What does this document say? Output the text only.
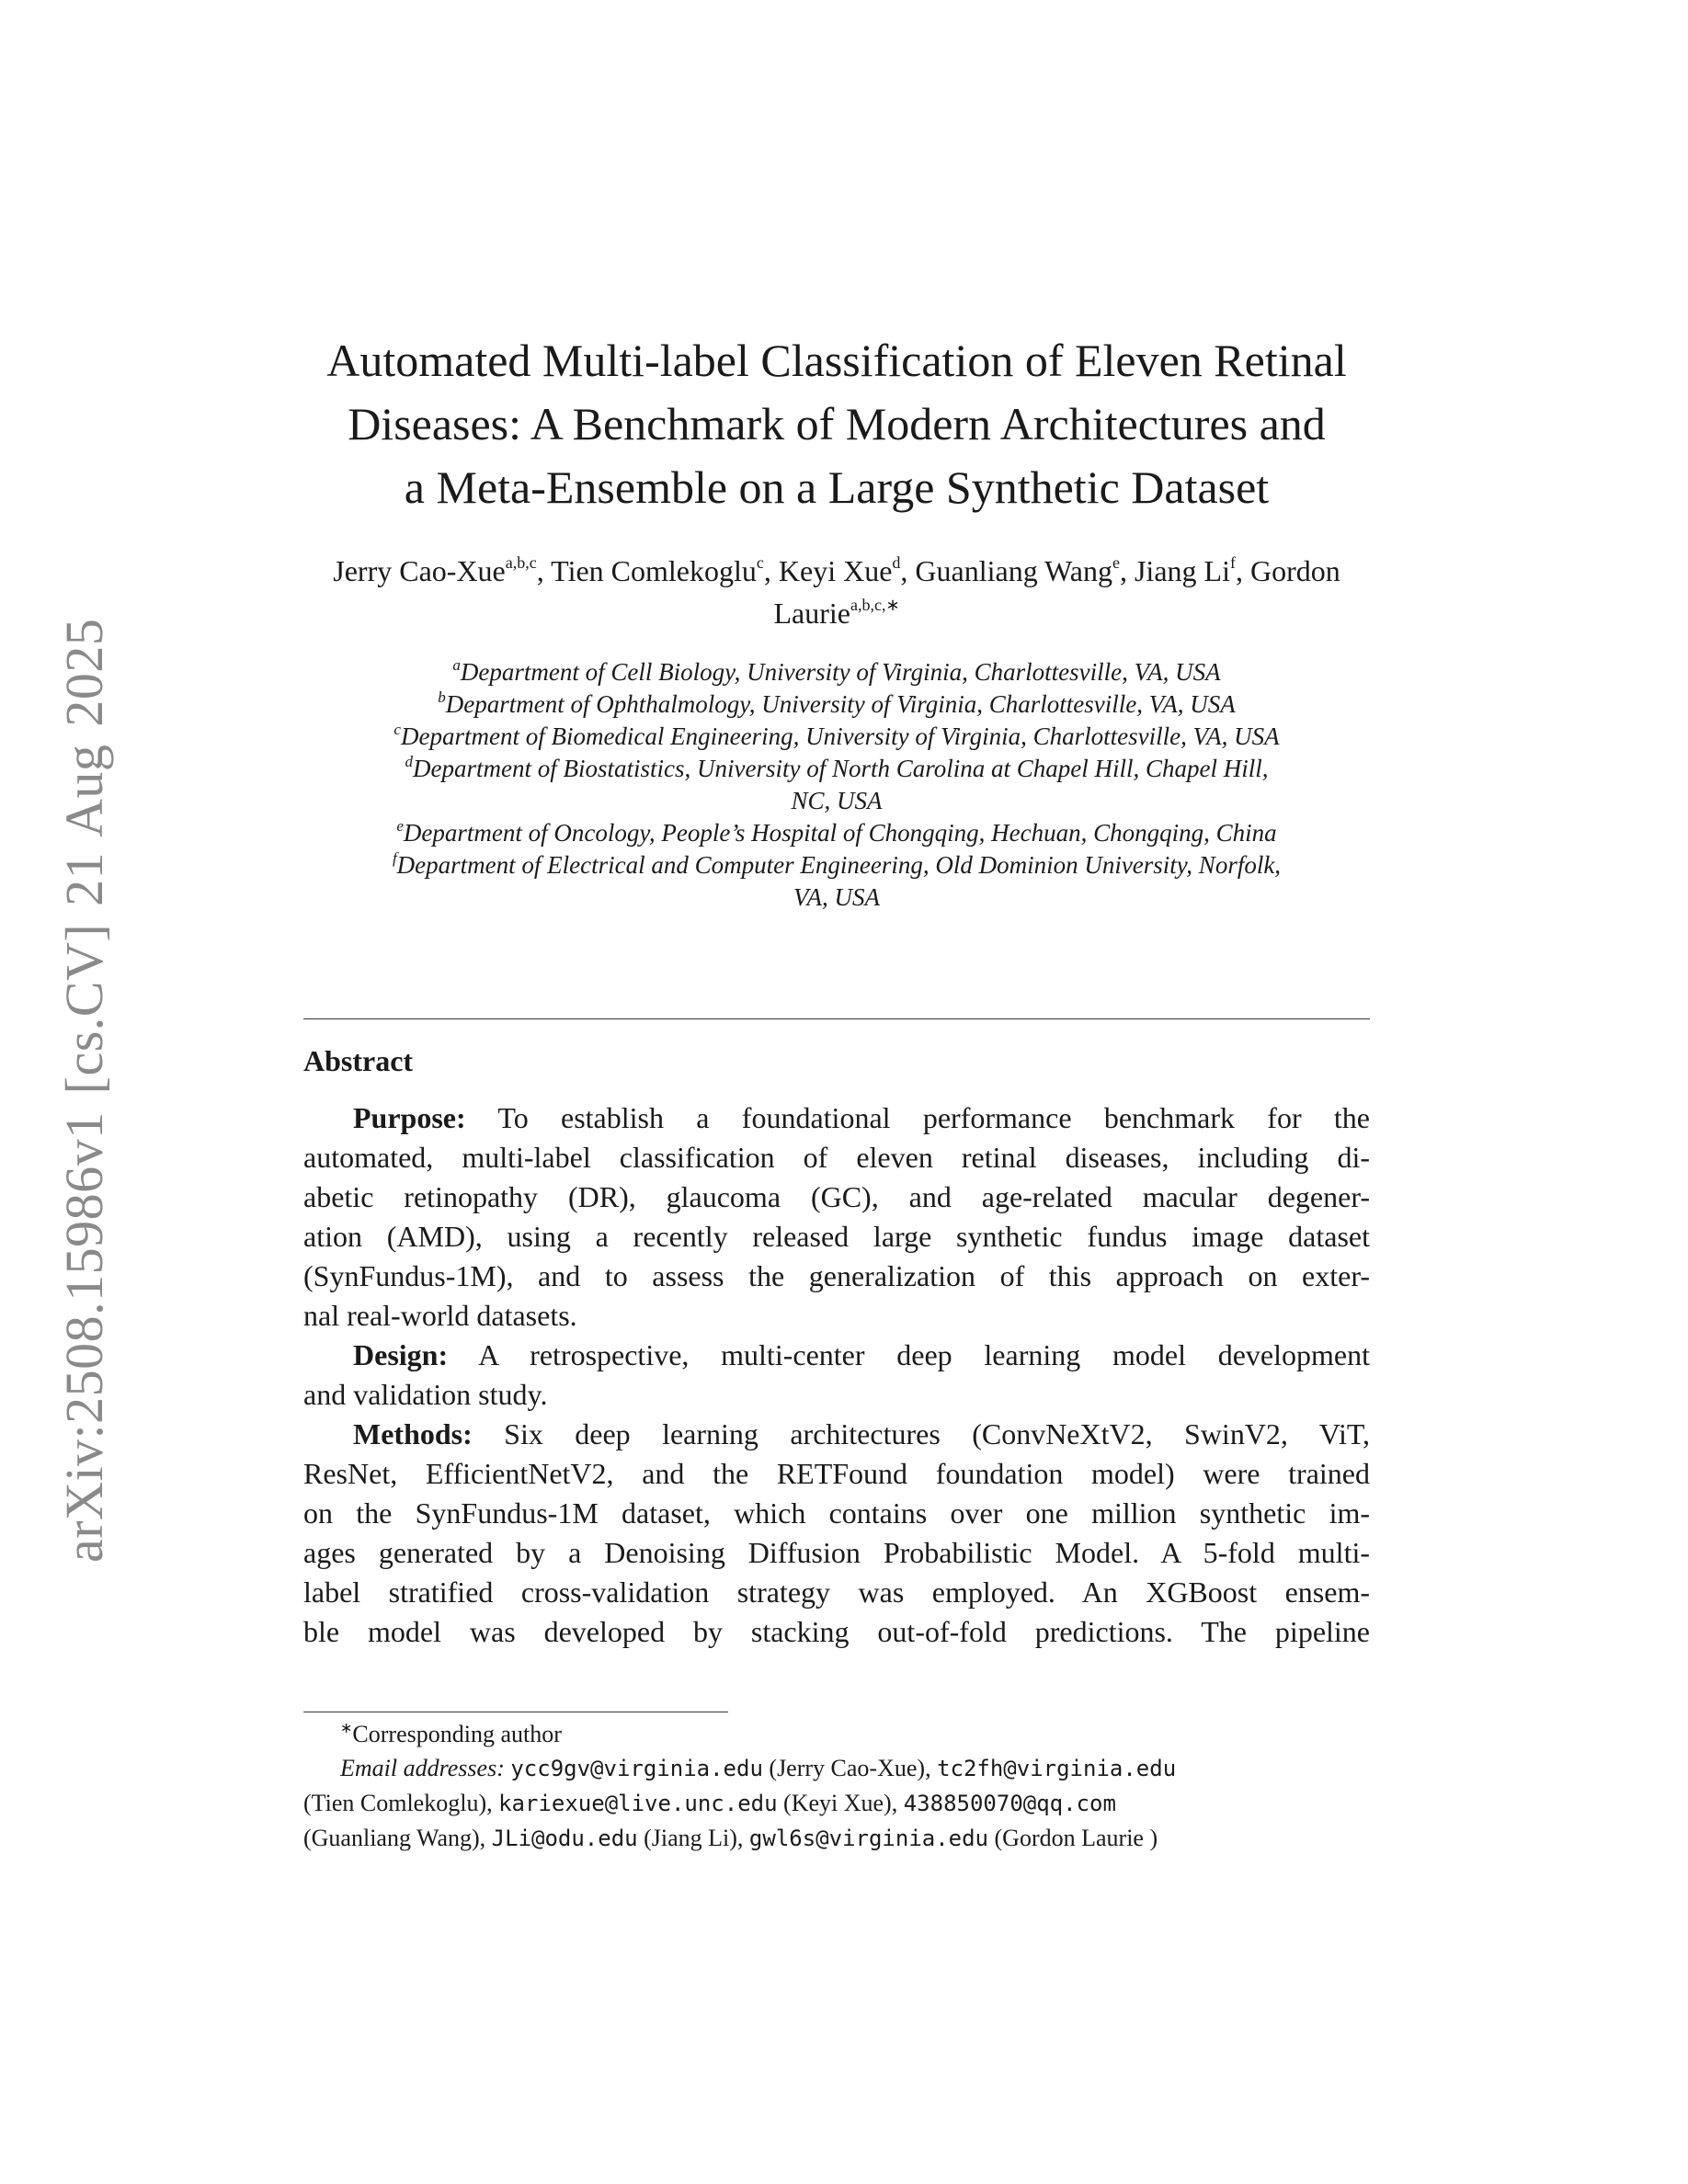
arXiv:2508.15986v1 [cs.CV] 21 Aug 2025
Automated Multi-label Classification of Eleven Retinal
Diseases: A Benchmark of Modern Architectures and
a Meta-Ensemble on a Large Synthetic Dataset
Jerry Cao-Xue$^{a,b,c}$, Tien Comlekoglu$^c$, Keyi Xue$^d$, Guanliang Wang$^e$, Jiang Li$^f$, Gordon Laurie$^{a,b,c,∗}$
$^a$Department of Cell Biology, University of Virginia, Charlottesville, VA, USA
$^b$Department of Ophthalmology, University of Virginia, Charlottesville, VA, USA
$^c$Department of Biomedical Engineering, University of Virginia, Charlottesville, VA, USA
$^d$Department of Biostatistics, University of North Carolina at Chapel Hill, Chapel Hill,
NC, USA
$^e$Department of Oncology, People’s Hospital of Chongqing, Hechuan, Chongqing, China
$^f$Department of Electrical and Computer Engineering, Old Dominion University, Norfolk,
VA, USA
Abstract
Purpose: To establish a foundational performance benchmark for the
automated, multi-label classification of eleven retinal diseases, including di-
abetic retinopathy (DR), glaucoma (GC), and age-related macular degener-
ation (AMD), using a recently released large synthetic fundus image dataset
(SynFundus-1M), and to assess the generalization of this approach on exter-
nal real-world datasets.
Design: A retrospective, multi-center deep learning model development
and validation study.
Methods: Six deep learning architectures (ConvNeXtV2, SwinV2, ViT,
ResNet, EfficientNetV2, and the RETFound foundation model) were trained
on the SynFundus-1M dataset, which contains over one million synthetic im-
ages generated by a Denoising Diffusion Probabilistic Model. A 5-fold multi-
label stratified cross-validation strategy was employed. An XGBoost ensem-
ble model was developed by stacking out-of-fold predictions. The pipeline
∗Corresponding author
Email addresses: ycc9gv@virginia.edu (Jerry Cao-Xue), tc2fh@virginia.edu
(Tien Comlekoglu), kariexue@live.unc.edu (Keyi Xue), 438850070@qq.com
(Guanliang Wang), JLi@odu.edu (Jiang Li), gwl6s@virginia.edu (Gordon Laurie )
